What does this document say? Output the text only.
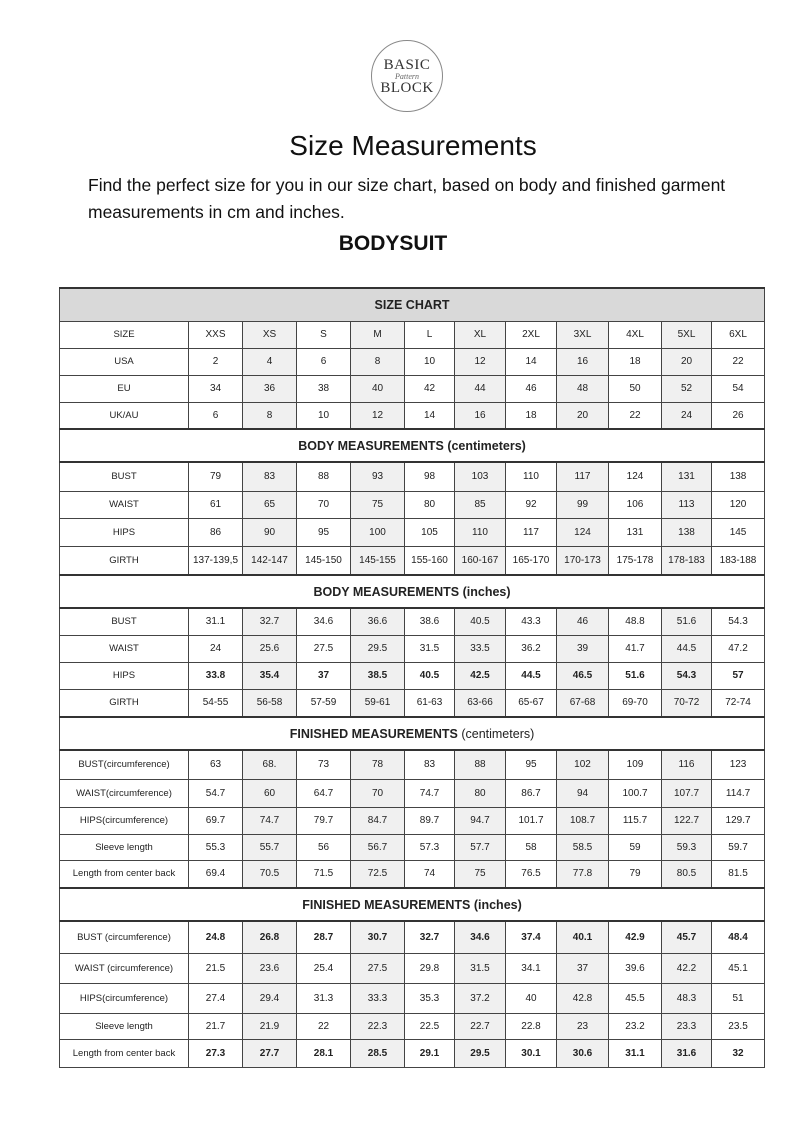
BASIC
Pattern
BLOCK
Size Measurements

Find the perfect size for you in our size chart, based on body and finished garment measurements in cm and inches.

BODYSUIT
SIZE CHART											
SIZE	XXS	XS	S	M	L	XL	2XL	3XL	4XL	5XL	6XL
USA	2	4	6	8	10	12	14	16	18	20	22
EU	34	36	38	40	42	44	46	48	50	52	54
UK/AU	6	8	10	12	14	16	18	20	22	24	26
BODY MEASUREMENTS (centimeters)											
BUST	79	83	88	93	98	103	110	117	124	131	138
WAIST	61	65	70	75	80	85	92	99	106	113	120
HIPS	86	90	95	100	105	110	117	124	131	138	145
GIRTH	137-139,5	142-147	145-150	145-155	155-160	160-167	165-170	170-173	175-178	178-183	183-188
BODY MEASUREMENTS (inches)											
BUST	31.1	32.7	34.6	36.6	38.6	40.5	43.3	46	48.8	51.6	54.3
WAIST	24	25.6	27.5	29.5	31.5	33.5	36.2	39	41.7	44.5	47.2
HIPS	33.8	35.4	37	38.5	40.5	42.5	44.5	46.5	51.6	54.3	57
GIRTH	54-55	56-58	57-59	59-61	61-63	63-66	65-67	67-68	69-70	70-72	72-74
FINISHED MEASUREMENTS (centimeters)											
BUST(circumference)	63	68.	73	78	83	88	95	102	109	116	123
WAIST(circumference)	54.7	60	64.7	70	74.7	80	86.7	94	100.7	107.7	114.7
HIPS(circumference)	69.7	74.7	79.7	84.7	89.7	94.7	101.7	108.7	115.7	122.7	129.7
Sleeve length	55.3	55.7	56	56.7	57.3	57.7	58	58.5	59	59.3	59.7
Length from center back	69.4	70.5	71.5	72.5	74	75	76.5	77.8	79	80.5	81.5
FINISHED MEASUREMENTS (inches)											
BUST (circumference)	24.8	26.8	28.7	30.7	32.7	34.6	37.4	40.1	42.9	45.7	48.4
WAIST (circumference)	21.5	23.6	25.4	27.5	29.8	31.5	34.1	37	39.6	42.2	45.1
HIPS(circumference)	27.4	29.4	31.3	33.3	35.3	37.2	40	42.8	45.5	48.3	51
Sleeve length	21.7	21.9	22	22.3	22.5	22.7	22.8	23	23.2	23.3	23.5
Length from center back	27.3	27.7	28.1	28.5	29.1	29.5	30.1	30.6	31.1	31.6	32
